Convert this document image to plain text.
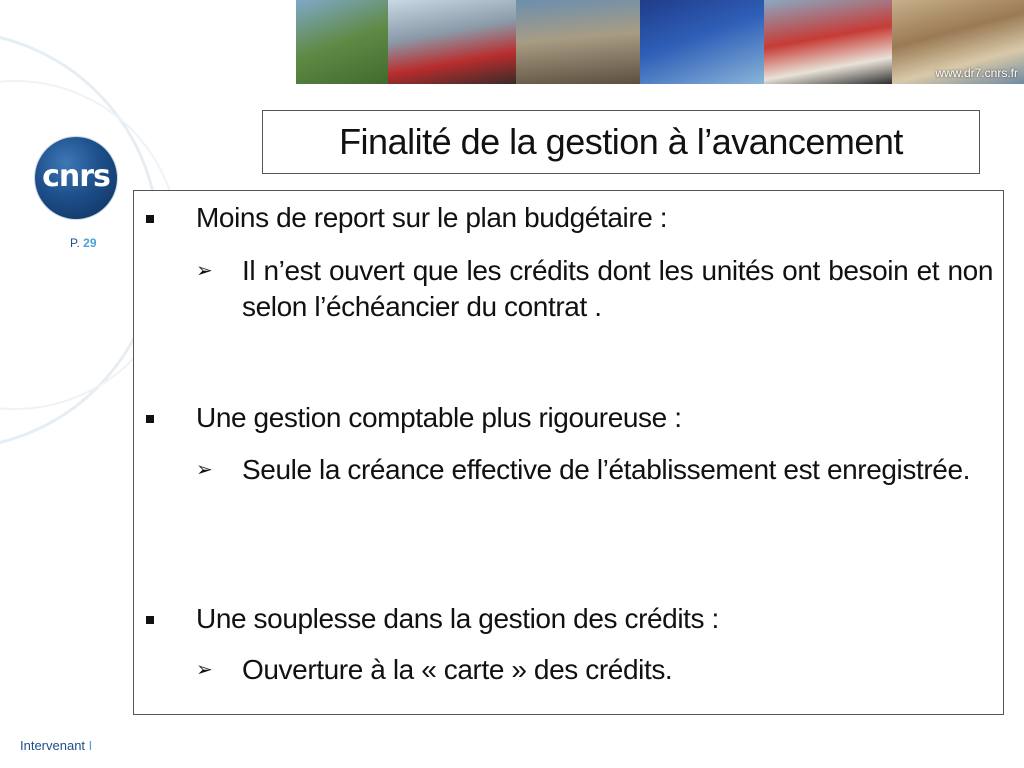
www.dr7.cnrs.fr
cnrs
P. 29
Finalité de la gestion à l’avancement
Moins de report sur le plan budgétaire :
➢ Il n’est ouvert que les crédits dont les unités ont besoin et non selon l’échéancier du contrat .
Une gestion comptable plus rigoureuse :
➢ Seule la créance effective de l’établissement est enregistrée.
Une souplesse dans la gestion des crédits :
➢ Ouverture à la « carte » des crédits.
Intervenant I
